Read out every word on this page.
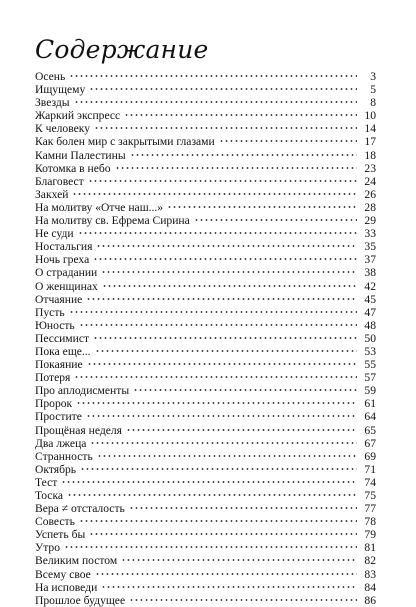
Содержание
Осень	3
Ищущему	5
Звезды	8
Жаркий экспресс	10
К человеку	14
Как болен мир с закрытыми глазами	17
Камни Палестины	18
Котомка в небо	23
Благовест	24
Закхей	26
На молитву «Отче наш...»	28
На молитву св. Ефрема Сирина	29
Не суди	33
Ностальгия	35
Ночь греха	37
О страдании	38
О женщинах	42
Отчаяние	45
Пусть	47
Юность	48
Пессимист	50
Пока еще...	53
Покаяние	55
Потеря	57
Про аплодисменты	59
Пророк	61
Простите	64
Прощёная неделя	65
Два лжеца	67
Странность	69
Октябрь	71
Тест	74
Тоска	75
Вера ≠ отсталость	77
Совесть	78
Успеть бы	79
Утро	81
Великим постом	82
Всему свое	83
На исповеди	84
Прошлое будущее	86
